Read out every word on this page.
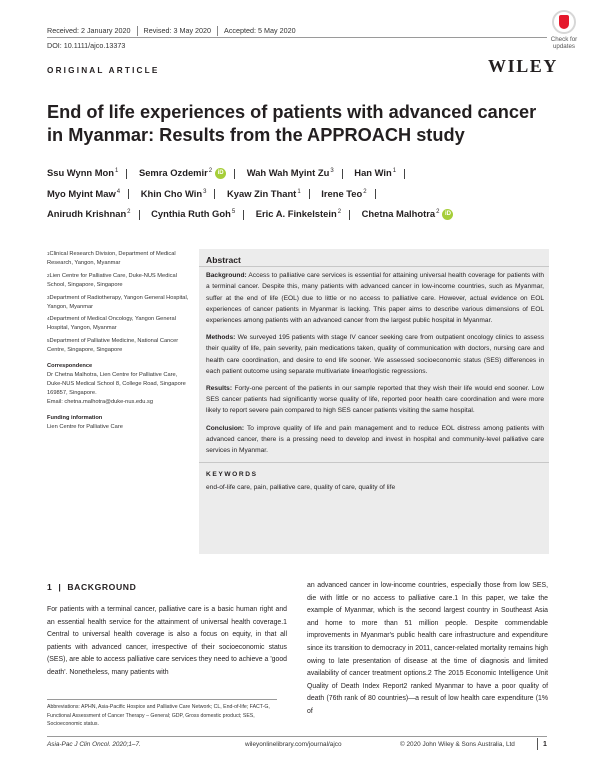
Received: 2 January 2020 Revised: 3 May 2020 Accepted: 5 May 2020
DOI: 10.1111/ajco.13373
ORIGINAL ARTICLE	WILEY
Check for updates
End of life experiences of patients with advanced cancer in Myanmar: Results from the APPROACH study
Ssu Wynn Mon$^1$ Semra Ozdemir$^2$ iD Wah Wah Myint Zu$^3$ Han Win$^1$
Myo Myint Maw$^4$ Khin Cho Win$^3$ Kyaw Zin Thant$^1$ Irene Teo$^2$
Anirudh Krishnan$^2$ Cynthia Ruth Goh$^5$ Eric A. Finkelstein$^2$ Chetna Malhotra$^2$ iD
$^1$Clinical Research Division, Department of Medical Research, Yangon, Myanmar
$^2$Lien Centre for Palliative Care, Duke-NUS Medical School, Singapore, Singapore
$^3$Department of Radiotherapy, Yangon General Hospital, Yangon, Myanmar
$^4$Department of Medical Oncology, Yangon General Hospital, Yangon, Myanmar
$^5$Department of Palliative Medicine, National Cancer Centre, Singapore, Singapore
Correspondence
Dr Chetna Malhotra, Lien Centre for Palliative Care, Duke-NUS Medical School 8, College Road, Singapore 169857, Singapore.
Email: chetna.malhotra@duke-nus.edu.sg
Funding information
Lien Centre for Palliative Care
Abstract
Background: Access to palliative care services is essential for attaining universal health coverage for patients with a terminal cancer. Despite this, many patients with advanced cancer in low-income countries, such as Myanmar, suffer at the end of life (EOL) due to little or no access to palliative care. However, actual evidence on EOL experiences of cancer patients in Myanmar is lacking. This paper aims to describe various dimensions of EOL experiences among patients with an advanced cancer from the largest public hospital in Myanmar.
Methods: We surveyed 195 patients with stage IV cancer seeking care from outpatient oncology clinics to assess their quality of life, pain severity, pain medications taken, quality of communication with doctors, nursing care and health care coordination, and desire to end life sooner. We assessed socioeconomic status (SES) differences in each patient outcome using separate multivariate linear/logistic regressions.
Results: Forty-one percent of the patients in our sample reported that they wish their life would end sooner. Low SES cancer patients had significantly worse quality of life, reported poor health care coordination and were more likely to report severe pain compared to high SES cancer patients visiting the same hospital.
Conclusion: To improve quality of life and pain management and to reduce EOL distress among patients with advanced cancer, there is a pressing need to develop and invest in hospital and community-level palliative care services in Myanmar.
KEYWORDS
end-of-life care, pain, palliative care, quality of care, quality of life
1  |  BACKGROUND
For patients with a terminal cancer, palliative care is a basic human right and an essential health service for the attainment of universal health coverage.1 Central to universal health coverage is also a focus on equity, in that all patients with advanced cancer, irrespective of their socioeconomic status (SES), are able to access palliative care services they need to achieve a 'good death'. Nonetheless, many patients with
an advanced cancer in low-income countries, especially those from low SES, die with little or no access to palliative care.1 In this paper, we take the example of Myanmar, which is the second largest country in Southeast Asia and home to more than 51 million people. Despite commendable improvements in Myanmar's public health care infrastructure and expenditure since its transition to democracy in 2011, cancer-related mortality remains high owing to late presentation of disease at the time of diagnosis and limited availability of cancer treatment options.2 The 2015 Economic Intelligence Unit Quality of Death Index Report2 ranked Myanmar to have a poor quality of death (76th rank of 80 countries)—a result of low health care expenditure (1% of
Abbreviations: APHN, Asia-Pacific Hospice and Palliative Care Network; CL, End-of-life; FACT-G, Functional Assessment of Cancer Therapy – General; GDP, Gross domestic product; SES, Socioeconomic status.
Asia-Pac J Clin Oncol. 2020;1–7.	wileyonlinelibrary.com/journal/ajco	© 2020 John Wiley & Sons Australia, Ltd	1
